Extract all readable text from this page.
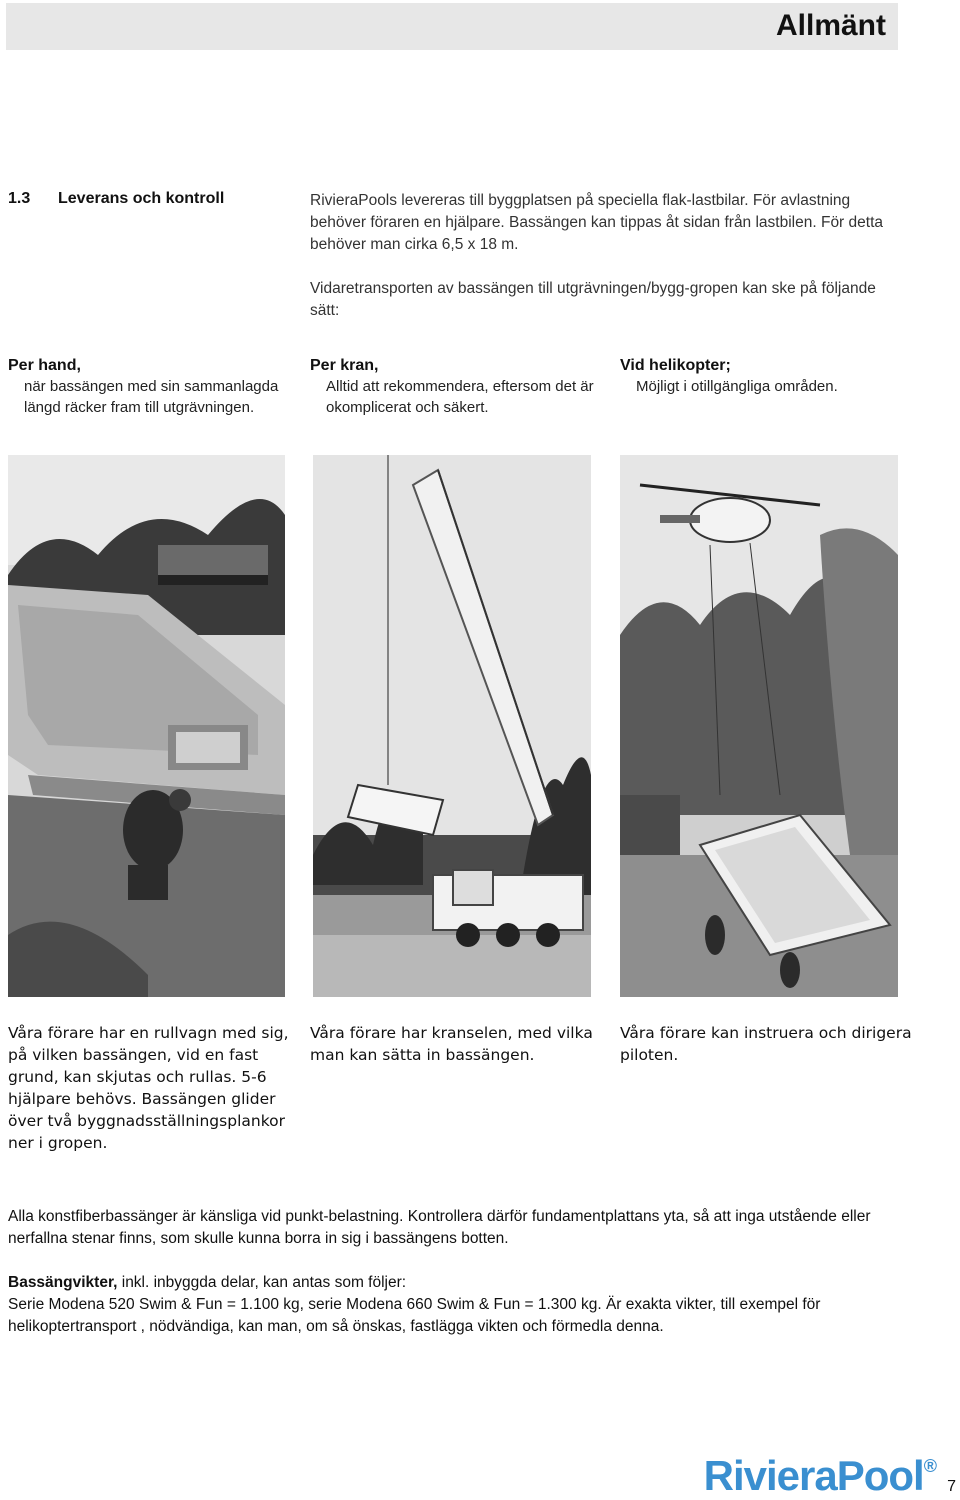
Allmänt
1.3 Leverans och kontroll	RivieraPools levereras till byggplatsen på speciella flak-lastbilar. För avlastning behöver föraren en hjälpare. Bassängen kan tippas åt sidan från lastbilen. För detta behöver man cirka 6,5 x 18 m.

Vidaretransporten av bassängen till utgrävningen/bygg-gropen kan ske på följande sätt:

Per hand,
när bassängen med sin sammanlagda längd räcker fram till utgrävningen.
Per kran,
Alltid att rekommendera, eftersom det är okomplicerat och säkert.
Vid helikopter;
Möjligt i otillgängliga områden.
Våra förare har en rullvagn med sig, på vilken bassängen, vid en fast grund, kan skjutas och rullas. 5-6 hjälpare behövs. Bassängen glider över två byggnadsställningsplankor ner i gropen.
Våra förare har kranselen, med vilka man kan sätta in bassängen.
Våra förare kan instruera och dirigera piloten.
Alla konstfiberbassänger är känsliga vid punkt-belastning. Kontrollera därför fundamentplattans yta, så att inga utstående eller nerfallna stenar finns, som skulle kunna borra in sig i bassängens botten.
Bassängvikter, inkl. inbyggda delar, kan antas som följer:
Serie Modena 520 Swim & Fun = 1.100 kg, serie Modena 660 Swim & Fun = 1.300 kg. Är exakta vikter, till exempel för helikoptertransport , nödvändiga, kan man, om så önskas, fastlägga vikten och förmedla denna.
RivieraPool®
7
